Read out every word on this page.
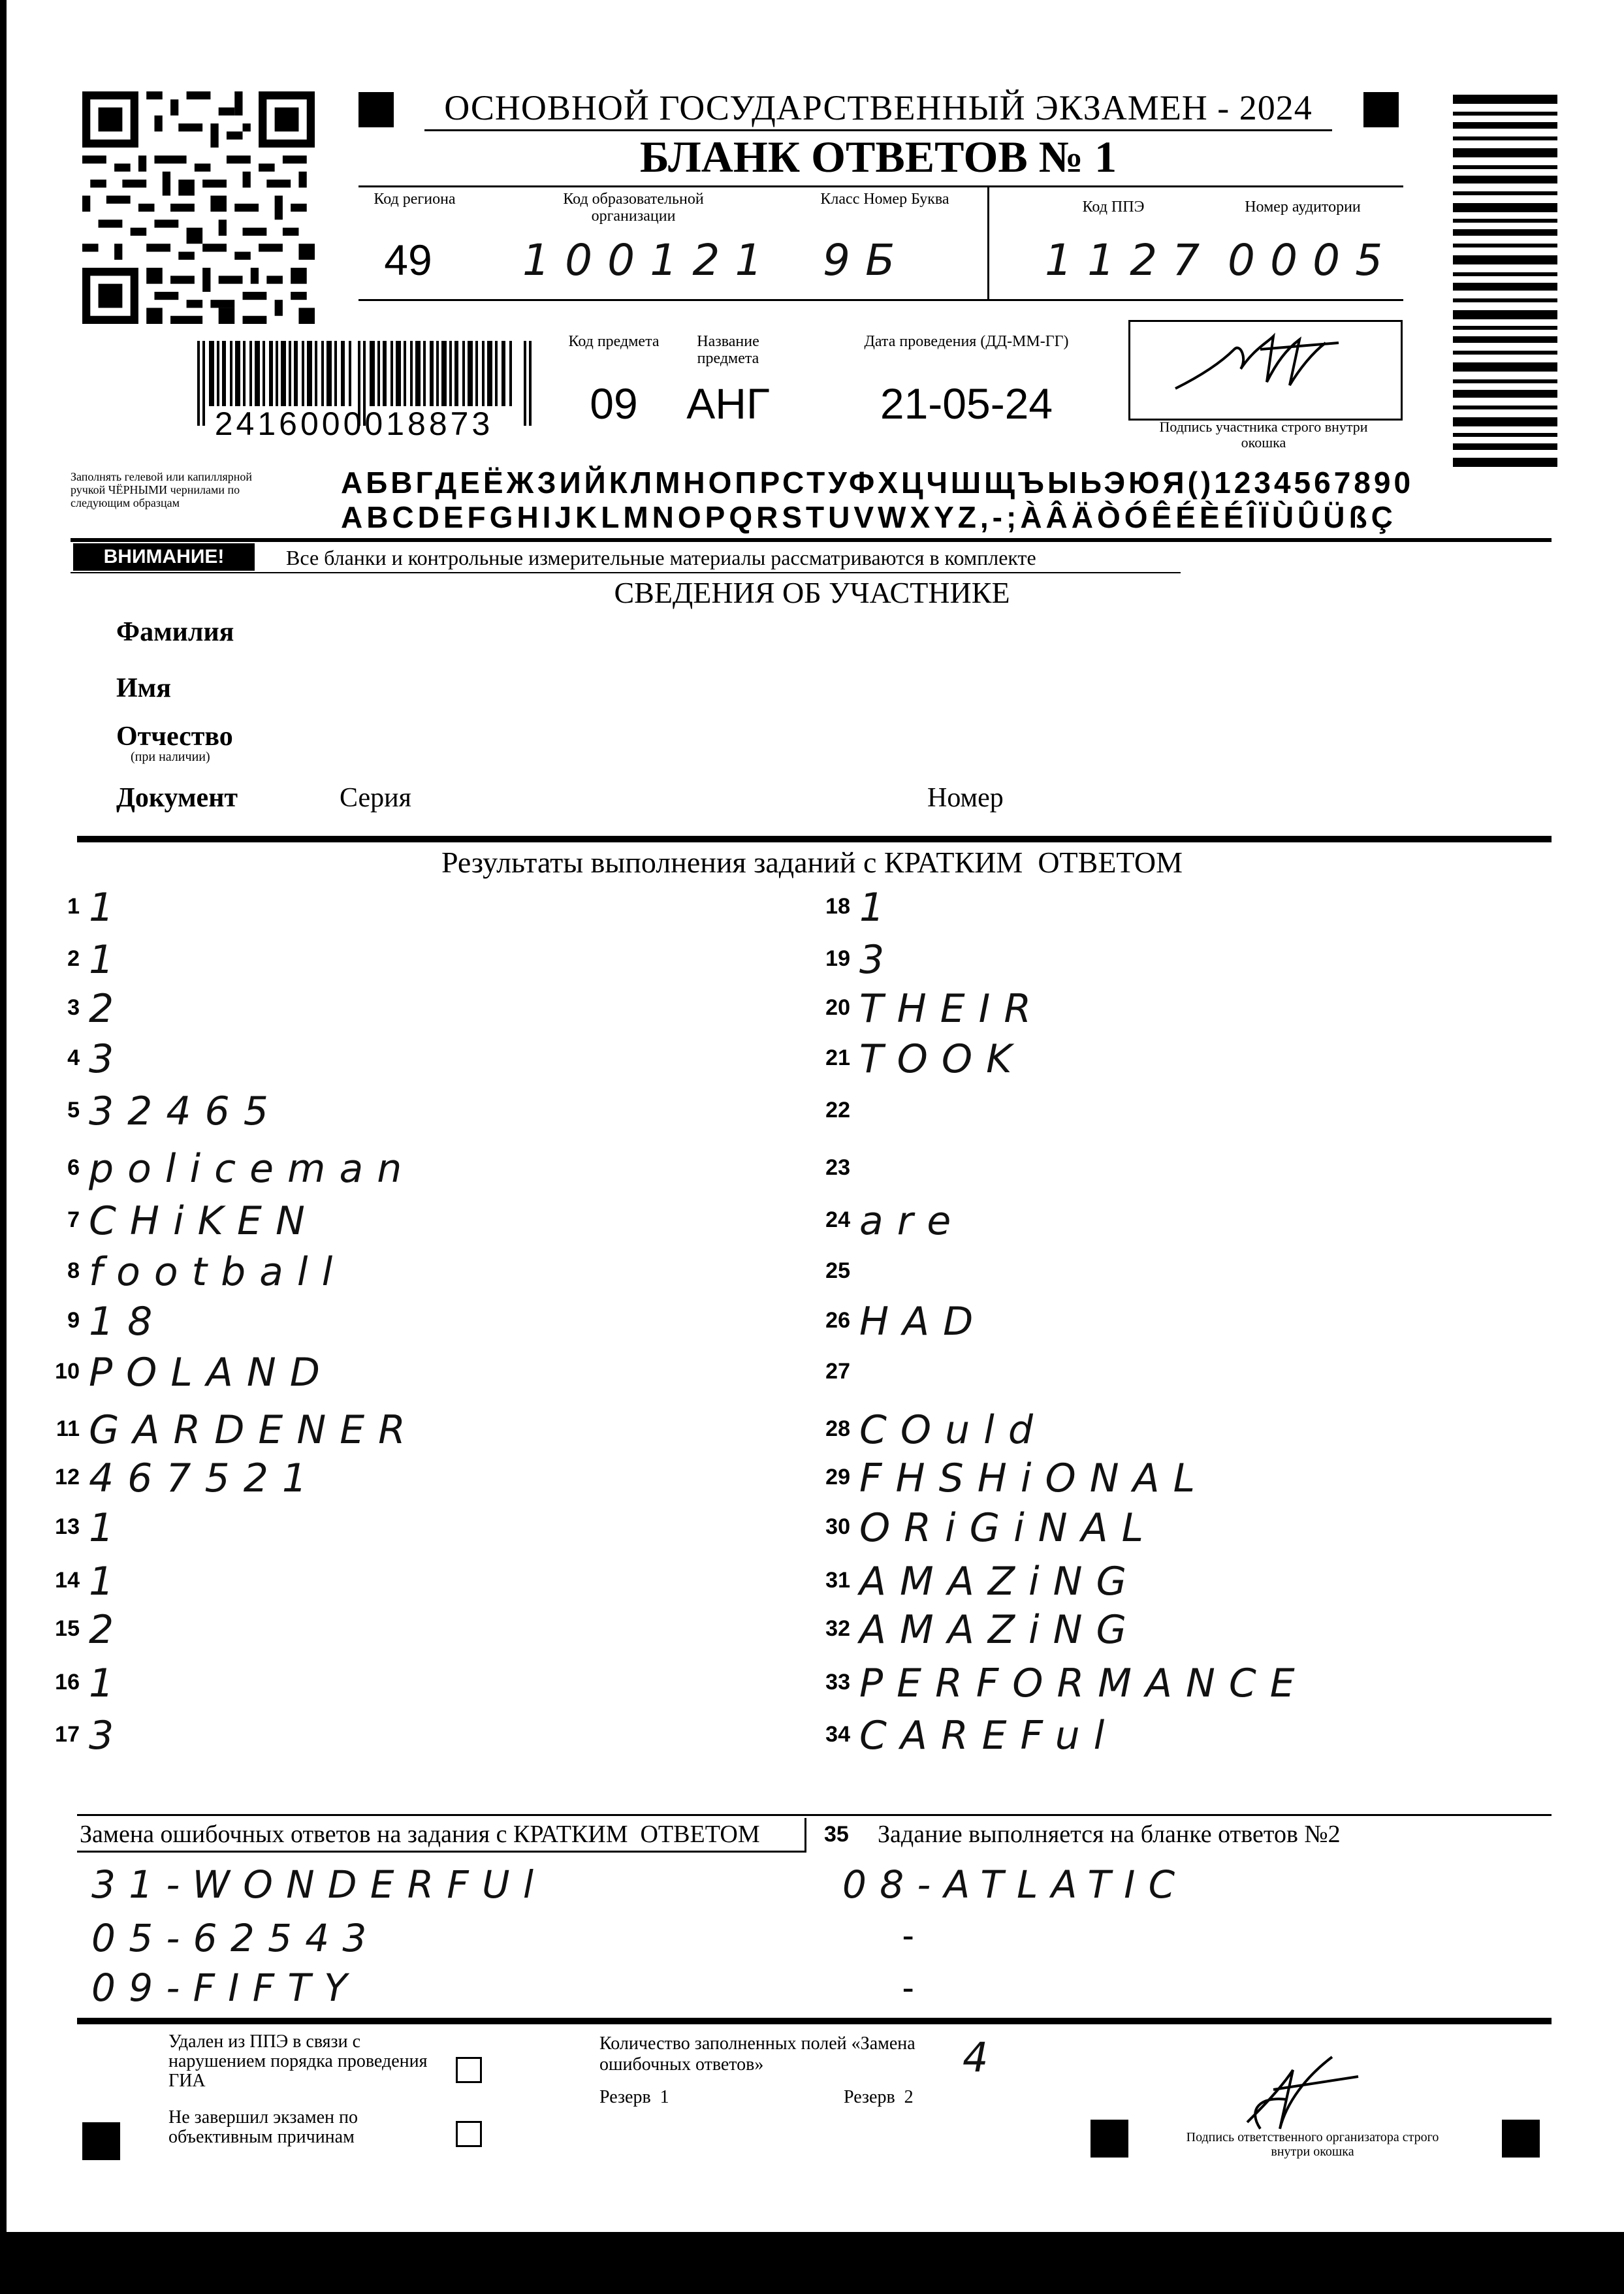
ОСНОВНОЙ ГОСУДАРСТВЕННЫЙ ЭКЗАМЕН - 2024
БЛАНК ОТВЕТОВ № 1
Код региона
49
Код образовательной организации
100121
Класс Номер Буква
9Б
Код ППЭ
1127
Номер аудитории
0005
2416000018873
Код предмета
09
Название предмета
АНГ
Дата проведения (ДД-ММ-ГГ)
21-05-24	Подпись участника строго внутри окошка
Заполнять гелевой или капиллярной ручкой ЧЁРНЫМИ чернилами по следующим образцам
АБВГДЕЁЖЗИЙКЛМНОПРСТУФХЦЧШЩЪЫЬЭЮЯ()1234567890
ABCDEFGHIJKLMNOPQRSTUVWXYZ,-;ÀÂÄÒÓÊÉÈÉÎÏÙÛÜßÇ
ВНИМАНИЕ!	Все бланки и контрольные измерительные материалы рассматриваются в комплекте
СВЕДЕНИЯ ОБ УЧАСТНИКЕ
Фамилия
Имя
Отчество
(при наличии)
Документ	Серия	Номер
Результаты выполнения заданий с КРАТКИМ  ОТВЕТОМ
1 1
2 1
3 2
4 3
5 32465
6 policeman
7 CHiKEN
8 football
9 18
10 POLAND
11 GARDENER
12 467521
13 1
14 1
15 2
16 1
17 3
18 1
19 3
20 THEIR
21 TOOK
22
23
24 are
25
26 HAD
27
28 COuld
29 FHSHiONAL
30 ORiGiNAL
31 AMAZiNG
32 AMAZiNG
33 PERFORMANCE
34 CAREFul
Замена ошибочных ответов на задания с КРАТКИМ  ОТВЕТОМ	35 Задание выполняется на бланке ответов №2
31-WONDERFUl
05-62543
09-FIFTY
08-ATLATIC
-
-
Удален из ППЭ в связи с нарушением порядка проведения ГИА
Не завершил экзамен по объективным причинам
Количество заполненных полей «Замена ошибочных ответов»	4
Резерв  1	Резерв  2
Подпись ответственного организатора строго внутри окошка
